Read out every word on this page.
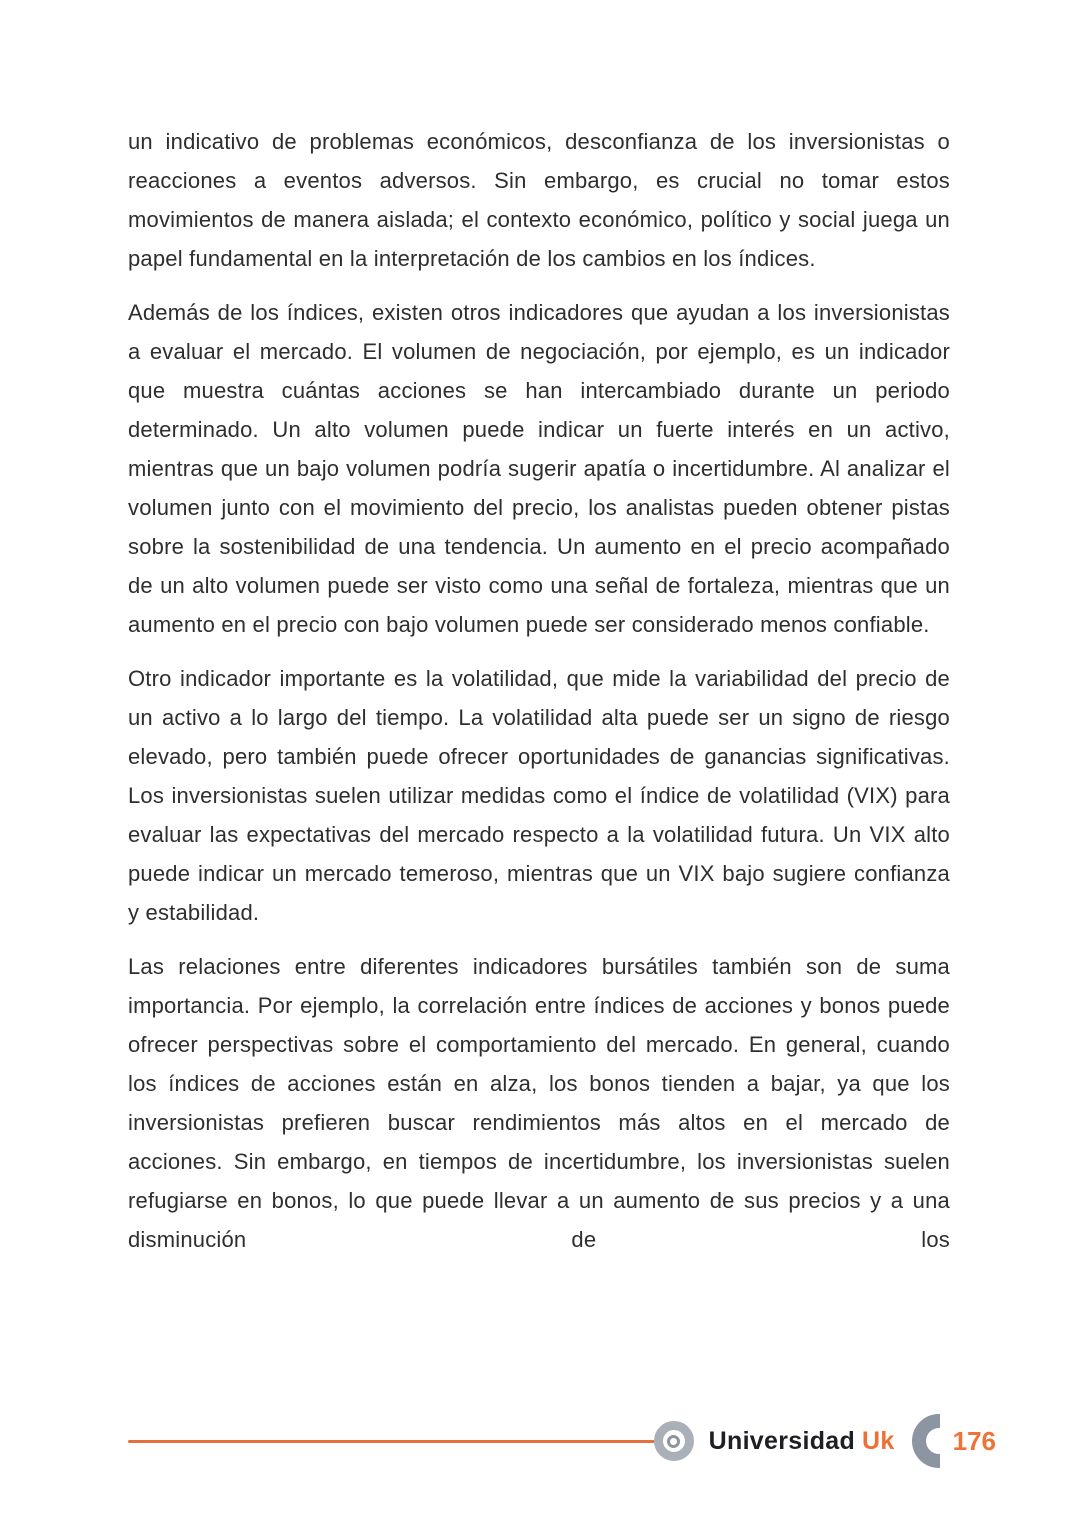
un indicativo de problemas económicos, desconfianza de los inversionistas o reacciones a eventos adversos. Sin embargo, es crucial no tomar estos movimientos de manera aislada; el contexto económico, político y social juega un papel fundamental en la interpretación de los cambios en los índices.

Además de los índices, existen otros indicadores que ayudan a los inversionistas a evaluar el mercado. El volumen de negociación, por ejemplo, es un indicador que muestra cuántas acciones se han intercambiado durante un periodo determinado. Un alto volumen puede indicar un fuerte interés en un activo, mientras que un bajo volumen podría sugerir apatía o incertidumbre. Al analizar el volumen junto con el movimiento del precio, los analistas pueden obtener pistas sobre la sostenibilidad de una tendencia. Un aumento en el precio acompañado de un alto volumen puede ser visto como una señal de fortaleza, mientras que un aumento en el precio con bajo volumen puede ser considerado menos confiable.

Otro indicador importante es la volatilidad, que mide la variabilidad del precio de un activo a lo largo del tiempo. La volatilidad alta puede ser un signo de riesgo elevado, pero también puede ofrecer oportunidades de ganancias significativas. Los inversionistas suelen utilizar medidas como el índice de volatilidad (VIX) para evaluar las expectativas del mercado respecto a la volatilidad futura. Un VIX alto puede indicar un mercado temeroso, mientras que un VIX bajo sugiere confianza y estabilidad.

Las relaciones entre diferentes indicadores bursátiles también son de suma importancia. Por ejemplo, la correlación entre índices de acciones y bonos puede ofrecer perspectivas sobre el comportamiento del mercado. En general, cuando los índices de acciones están en alza, los bonos tienden a bajar, ya que los inversionistas prefieren buscar rendimientos más altos en el mercado de acciones. Sin embargo, en tiempos de incertidumbre, los inversionistas suelen refugiarse en bonos, lo que puede llevar a un aumento de sus precios y a una disminución de los

Universidad Uk 176
